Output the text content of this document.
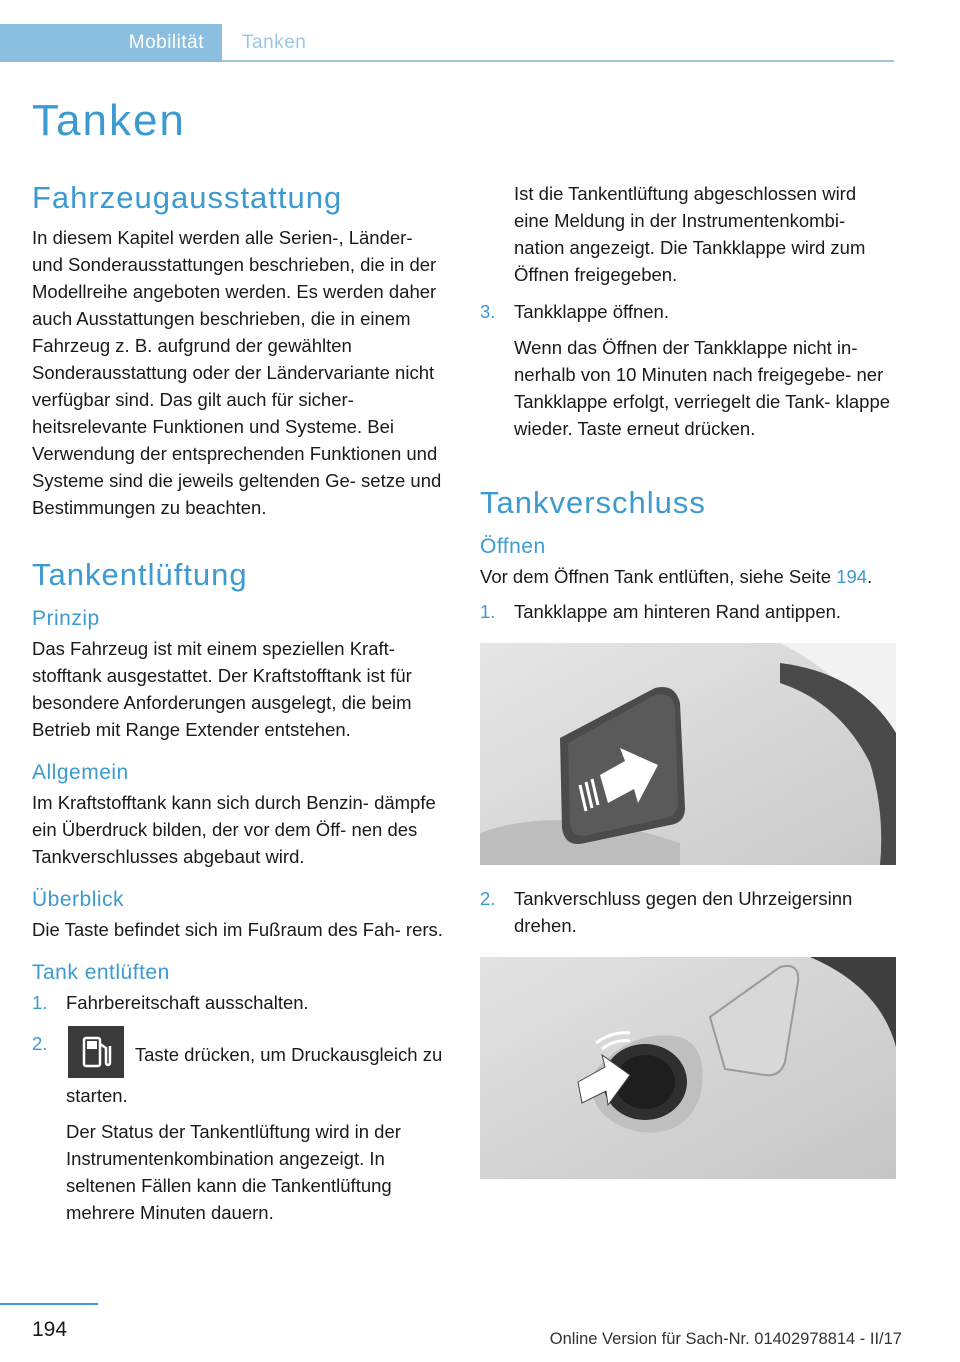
Mobilität Tanken
Tanken
Fahrzeugausstattung

In diesem Kapitel werden alle Serien-, Länder- und Sonderausstattungen beschrieben, die in der Modellreihe angeboten werden. Es werden daher auch Ausstattungen beschrieben, die in einem Fahrzeug z. B. aufgrund der gewählten Sonderausstattung oder der Ländervariante nicht verfügbar sind. Das gilt auch für sicher- heitsrelevante Funktionen und Systeme. Bei Verwendung der entsprechenden Funktionen und Systeme sind die jeweils geltenden Ge- setze und Bestimmungen zu beachten.

Tankentlüftung
Prinzip

Das Fahrzeug ist mit einem speziellen Kraft- stofftank ausgestattet. Der Kraftstofftank ist für besondere Anforderungen ausgelegt, die beim Betrieb mit Range Extender entstehen.

Allgemein

Im Kraftstofftank kann sich durch Benzin- dämpfe ein Überdruck bilden, der vor dem Öff- nen des Tankverschlusses abgebaut wird.

Überblick

Die Taste befindet sich im Fußraum des Fah- rers.

Tank entlüften
1. Fahrbereitschaft ausschalten.
2.
Taste drücken, um Druckausgleich zu starten.

Der Status der Tankentlüftung wird in der Instrumentenkombination angezeigt. In seltenen Fällen kann die Tankentlüftung mehrere Minuten dauern.

Ist die Tankentlüftung abgeschlossen wird eine Meldung in der Instrumentenkombi- nation angezeigt. Die Tankklappe wird zum Öffnen freigegeben.

3. Tankklappe öffnen.

Wenn das Öffnen der Tankklappe nicht in- nerhalb von 10 Minuten nach freigegebe- ner Tankklappe erfolgt, verriegelt die Tank- klappe wieder. Taste erneut drücken.

Tankverschluss
Öffnen

Vor dem Öffnen Tank entlüften, siehe Seite 194.

1. Tankklappe am hinteren Rand antippen.
2. Tankverschluss gegen den Uhrzeigersinn drehen.
194	Online Version für Sach-Nr. 01402978814 - II/17
